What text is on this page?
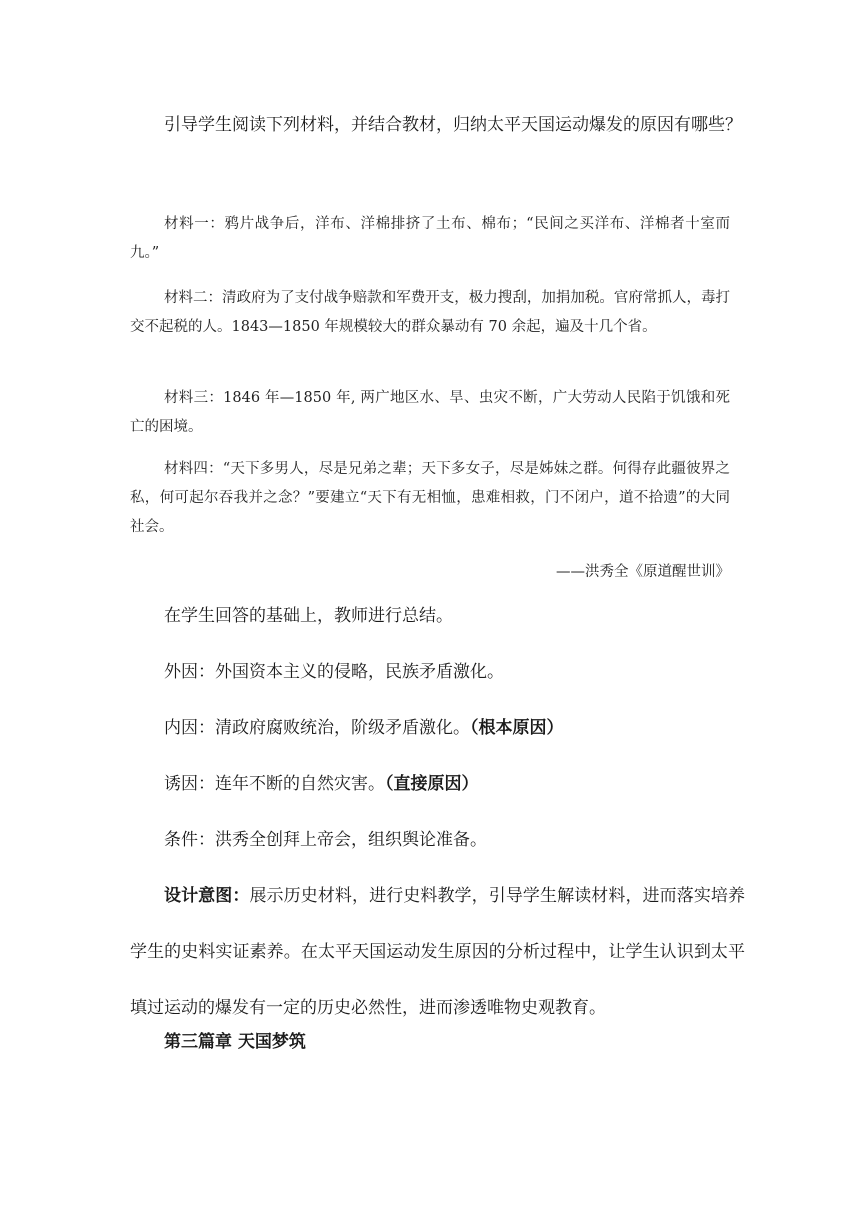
引导学生阅读下列材料，并结合教材，归纳太平天国运动爆发的原因有哪些？

材料一：鸦片战争后，洋布、洋棉排挤了土布、棉布；“民间之买洋布、洋棉者十室而九。”

材料二：清政府为了支付战争赔款和军费开支，极力搜刮，加捐加税。官府常抓人，毒打交不起税的人。1843—1850 年规模较大的群众暴动有 70 余起，遍及十几个省。

材料三：1846 年—1850 年, 两广地区水、旱、虫灾不断，广大劳动人民陷于饥饿和死亡的困境。

材料四：“天下多男人，尽是兄弟之辈；天下多女子，尽是姊妹之群。何得存此疆彼界之私，何可起尔吞我并之念？”要建立“天下有无相恤，患难相救，门不闭户，道不拾遗”的大同社会。

——洪秀全《原道醒世训》

在学生回答的基础上，教师进行总结。

外因：外国资本主义的侵略，民族矛盾激化。

内因：清政府腐败统治，阶级矛盾激化。（根本原因）

诱因：连年不断的自然灾害。（直接原因）

条件：洪秀全创拜上帝会，组织舆论准备。

设计意图：展示历史材料，进行史料教学，引导学生解读材料，进而落实培养学生的史料实证素养。在太平天国运动发生原因的分析过程中，让学生认识到太平填过运动的爆发有一定的历史必然性，进而渗透唯物史观教育。

第三篇章 天国梦筑
